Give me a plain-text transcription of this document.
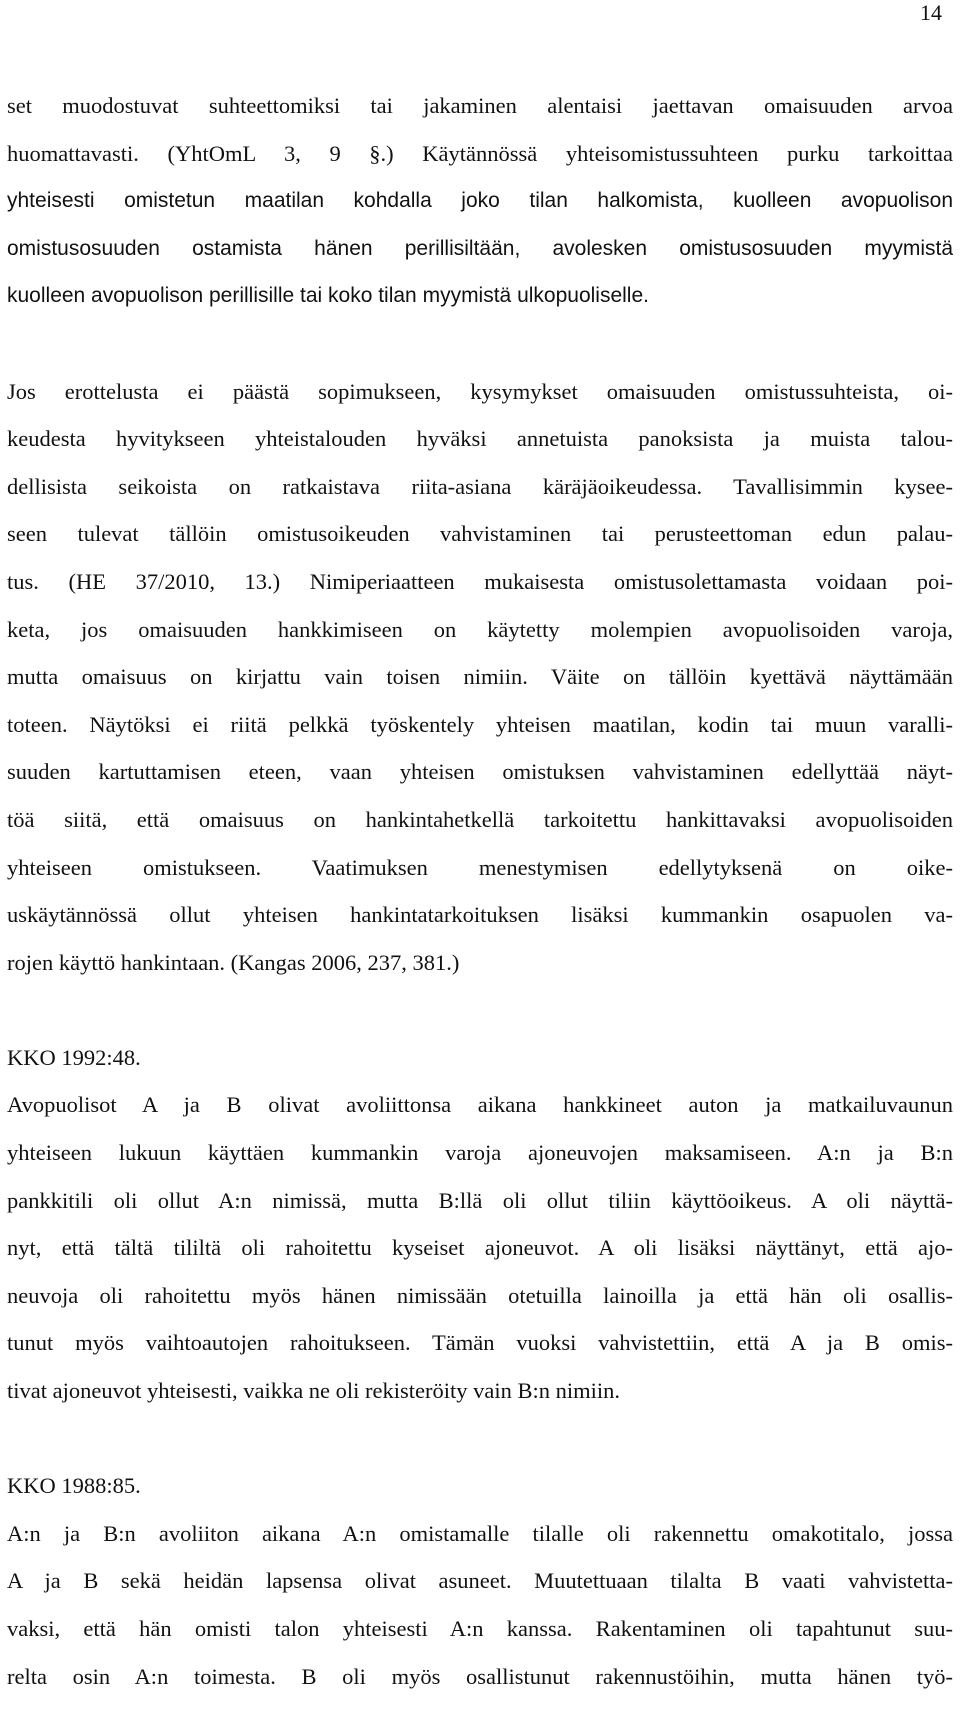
14
set muodostuvat suhteettomiksi tai jakaminen alentaisi jaettavan omaisuuden arvoa
huomattavasti. (YhtOmL 3, 9 §.) Käytännössä yhteisomistussuhteen purku tarkoittaa
yhteisesti omistetun maatilan kohdalla joko tilan halkomista, kuolleen avopuolison
omistusosuuden ostamista hänen perillisiltään, avolesken omistusosuuden myymistä
kuolleen avopuolison perillisille tai koko tilan myymistä ulkopuoliselle.
Jos erottelusta ei päästä sopimukseen, kysymykset omaisuuden omistussuhteista, oi-
keudesta hyvitykseen yhteistalouden hyväksi annetuista panoksista ja muista talou-
dellisista seikoista on ratkaistava riita-asiana käräjäoikeudessa. Tavallisimmin kysee-
seen tulevat tällöin omistusoikeuden vahvistaminen tai perusteettoman edun palau-
tus. (HE 37/2010, 13.) Nimiperiaatteen mukaisesta omistusolettamasta voidaan poi-
keta, jos omaisuuden hankkimiseen on käytetty molempien avopuolisoiden varoja,
mutta omaisuus on kirjattu vain toisen nimiin. Väite on tällöin kyettävä näyttämään
toteen. Näytöksi ei riitä pelkkä työskentely yhteisen maatilan, kodin tai muun varalli-
suuden kartuttamisen eteen, vaan yhteisen omistuksen vahvistaminen edellyttää näyt-
töä siitä, että omaisuus on hankintahetkellä tarkoitettu hankittavaksi avopuolisoiden
yhteiseen omistukseen. Vaatimuksen menestymisen edellytyksenä on oike-
uskäytännössä ollut yhteisen hankintatarkoituksen lisäksi kummankin osapuolen va-
rojen käyttö hankintaan. (Kangas 2006, 237, 381.)
KKO 1992:48.
Avopuolisot A ja B olivat avoliittonsa aikana hankkineet auton ja matkailuvaunun
yhteiseen lukuun käyttäen kummankin varoja ajoneuvojen maksamiseen. A:n ja B:n
pankkitili oli ollut A:n nimissä, mutta B:llä oli ollut tiliin käyttöoikeus. A oli näyttä-
nyt, että tältä tililtä oli rahoitettu kyseiset ajoneuvot. A oli lisäksi näyttänyt, että ajo-
neuvoja oli rahoitettu myös hänen nimissään otetuilla lainoilla ja että hän oli osallis-
tunut myös vaihtoautojen rahoitukseen. Tämän vuoksi vahvistettiin, että A ja B omis-
tivat ajoneuvot yhteisesti, vaikka ne oli rekisteröity vain B:n nimiin.
KKO 1988:85.
A:n ja B:n avoliiton aikana A:n omistamalle tilalle oli rakennettu omakotitalo, jossa
A ja B sekä heidän lapsensa olivat asuneet. Muutettuaan tilalta B vaati vahvistetta-
vaksi, että hän omisti talon yhteisesti A:n kanssa. Rakentaminen oli tapahtunut suu-
relta osin A:n toimesta. B oli myös osallistunut rakennustöihin, mutta hänen työ-
